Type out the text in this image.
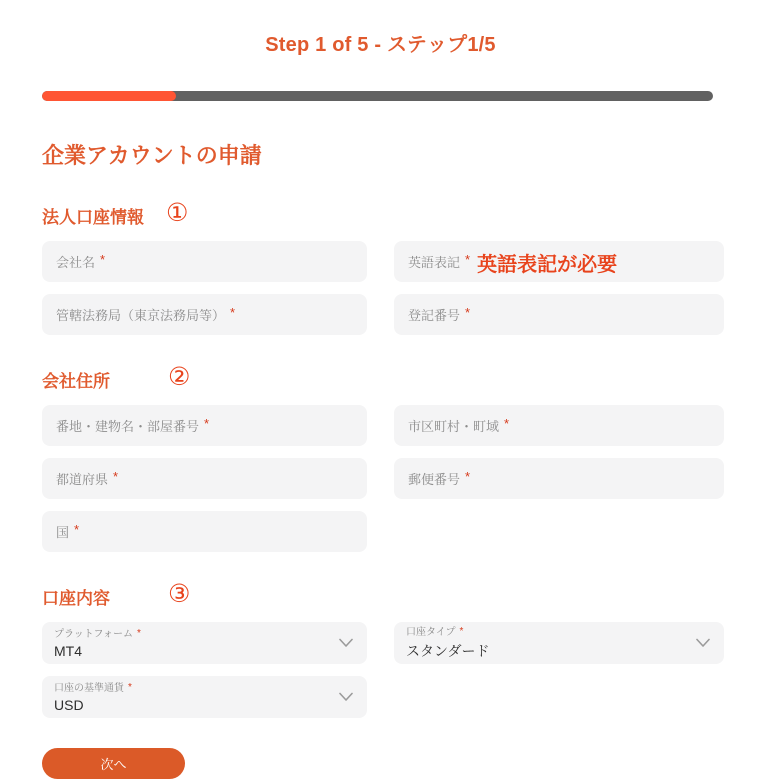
Step 1 of 5 - ステップ1/5
企業アカウントの申請
法人口座情報 ①
会社名 *	英語表記 * 英語表記が必要
管轄法務局（東京法務局等） *	登記番号 *
会社住所 ②
番地・建物名・部屋番号 *	市区町村・町域 *
都道府県 *	郵便番号 *
国 *
口座内容 ③
プラットフォーム *
MT4
口座タイプ *
スタンダード
口座の基準通貨 *
USD
次へ
